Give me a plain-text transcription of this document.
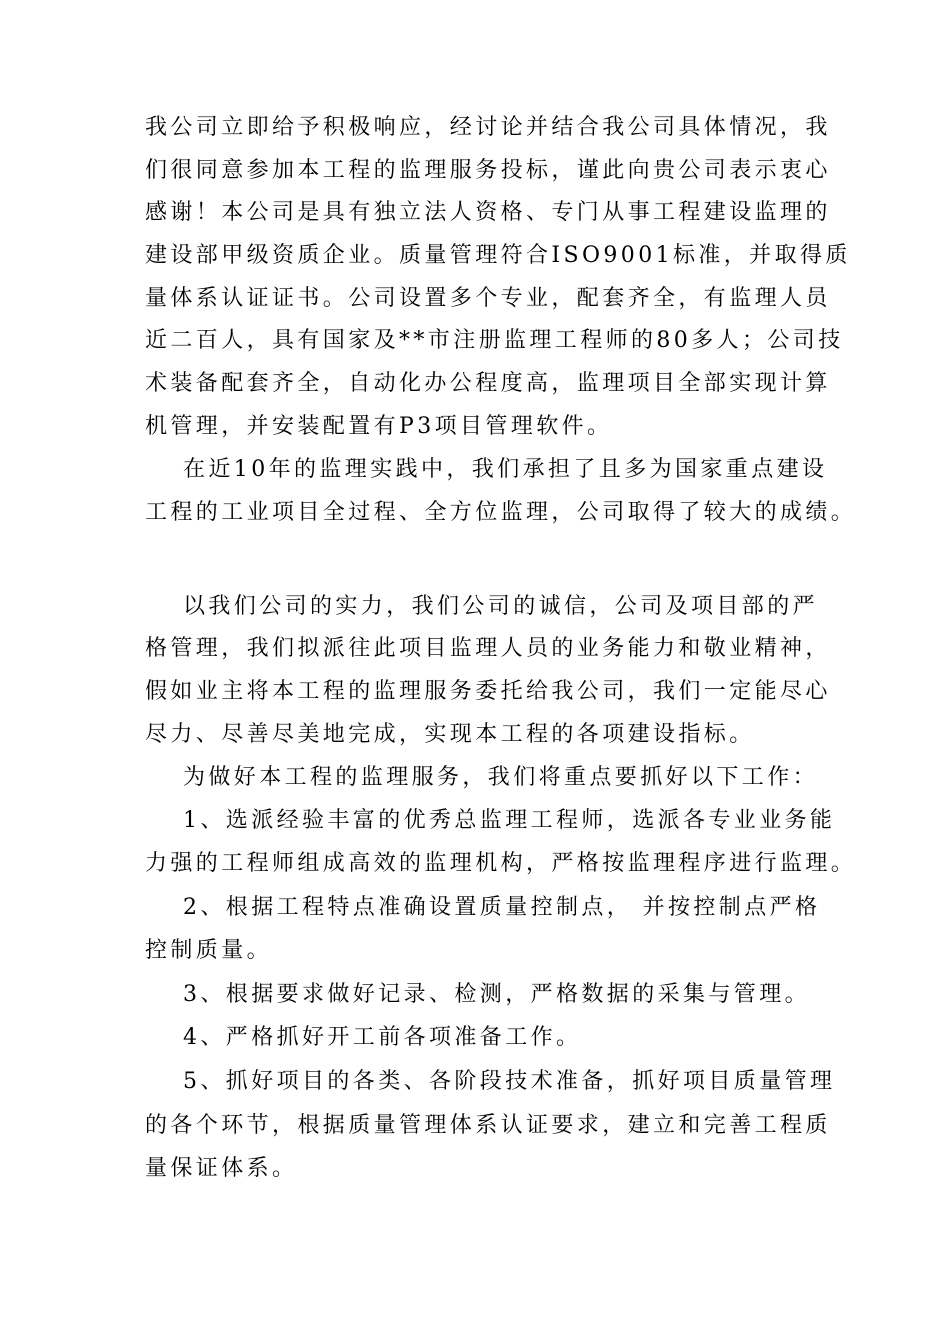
我公司立即给予积极响应，经讨论并结合我公司具体情况，我
们很同意参加本工程的监理服务投标，谨此向贵公司表示衷心
感谢！本公司是具有独立法人资格、专门从事工程建设监理的
建设部甲级资质企业。质量管理符合ISO9001标准，并取得质
量体系认证证书。公司设置多个专业，配套齐全，有监理人员
近二百人，具有国家及**市注册监理工程师的80多人；公司技
术装备配套齐全，自动化办公程度高，监理项目全部实现计算
机管理，并安装配置有P3项目管理软件。
在近10年的监理实践中，我们承担了且多为国家重点建设
工程的工业项目全过程、全方位监理，公司取得了较大的成绩。
以我们公司的实力，我们公司的诚信，公司及项目部的严
格管理，我们拟派往此项目监理人员的业务能力和敬业精神，
假如业主将本工程的监理服务委托给我公司，我们一定能尽心
尽力、尽善尽美地完成，实现本工程的各项建设指标。
为做好本工程的监理服务，我们将重点要抓好以下工作：
1、选派经验丰富的优秀总监理工程师，选派各专业业务能
力强的工程师组成高效的监理机构，严格按监理程序进行监理。
2、根据工程特点准确设置质量控制点， 并按控制点严格
控制质量。
3、根据要求做好记录、检测，严格数据的采集与管理。
4、严格抓好开工前各项准备工作。
5、抓好项目的各类、各阶段技术准备，抓好项目质量管理
的各个环节，根据质量管理体系认证要求，建立和完善工程质
量保证体系。
